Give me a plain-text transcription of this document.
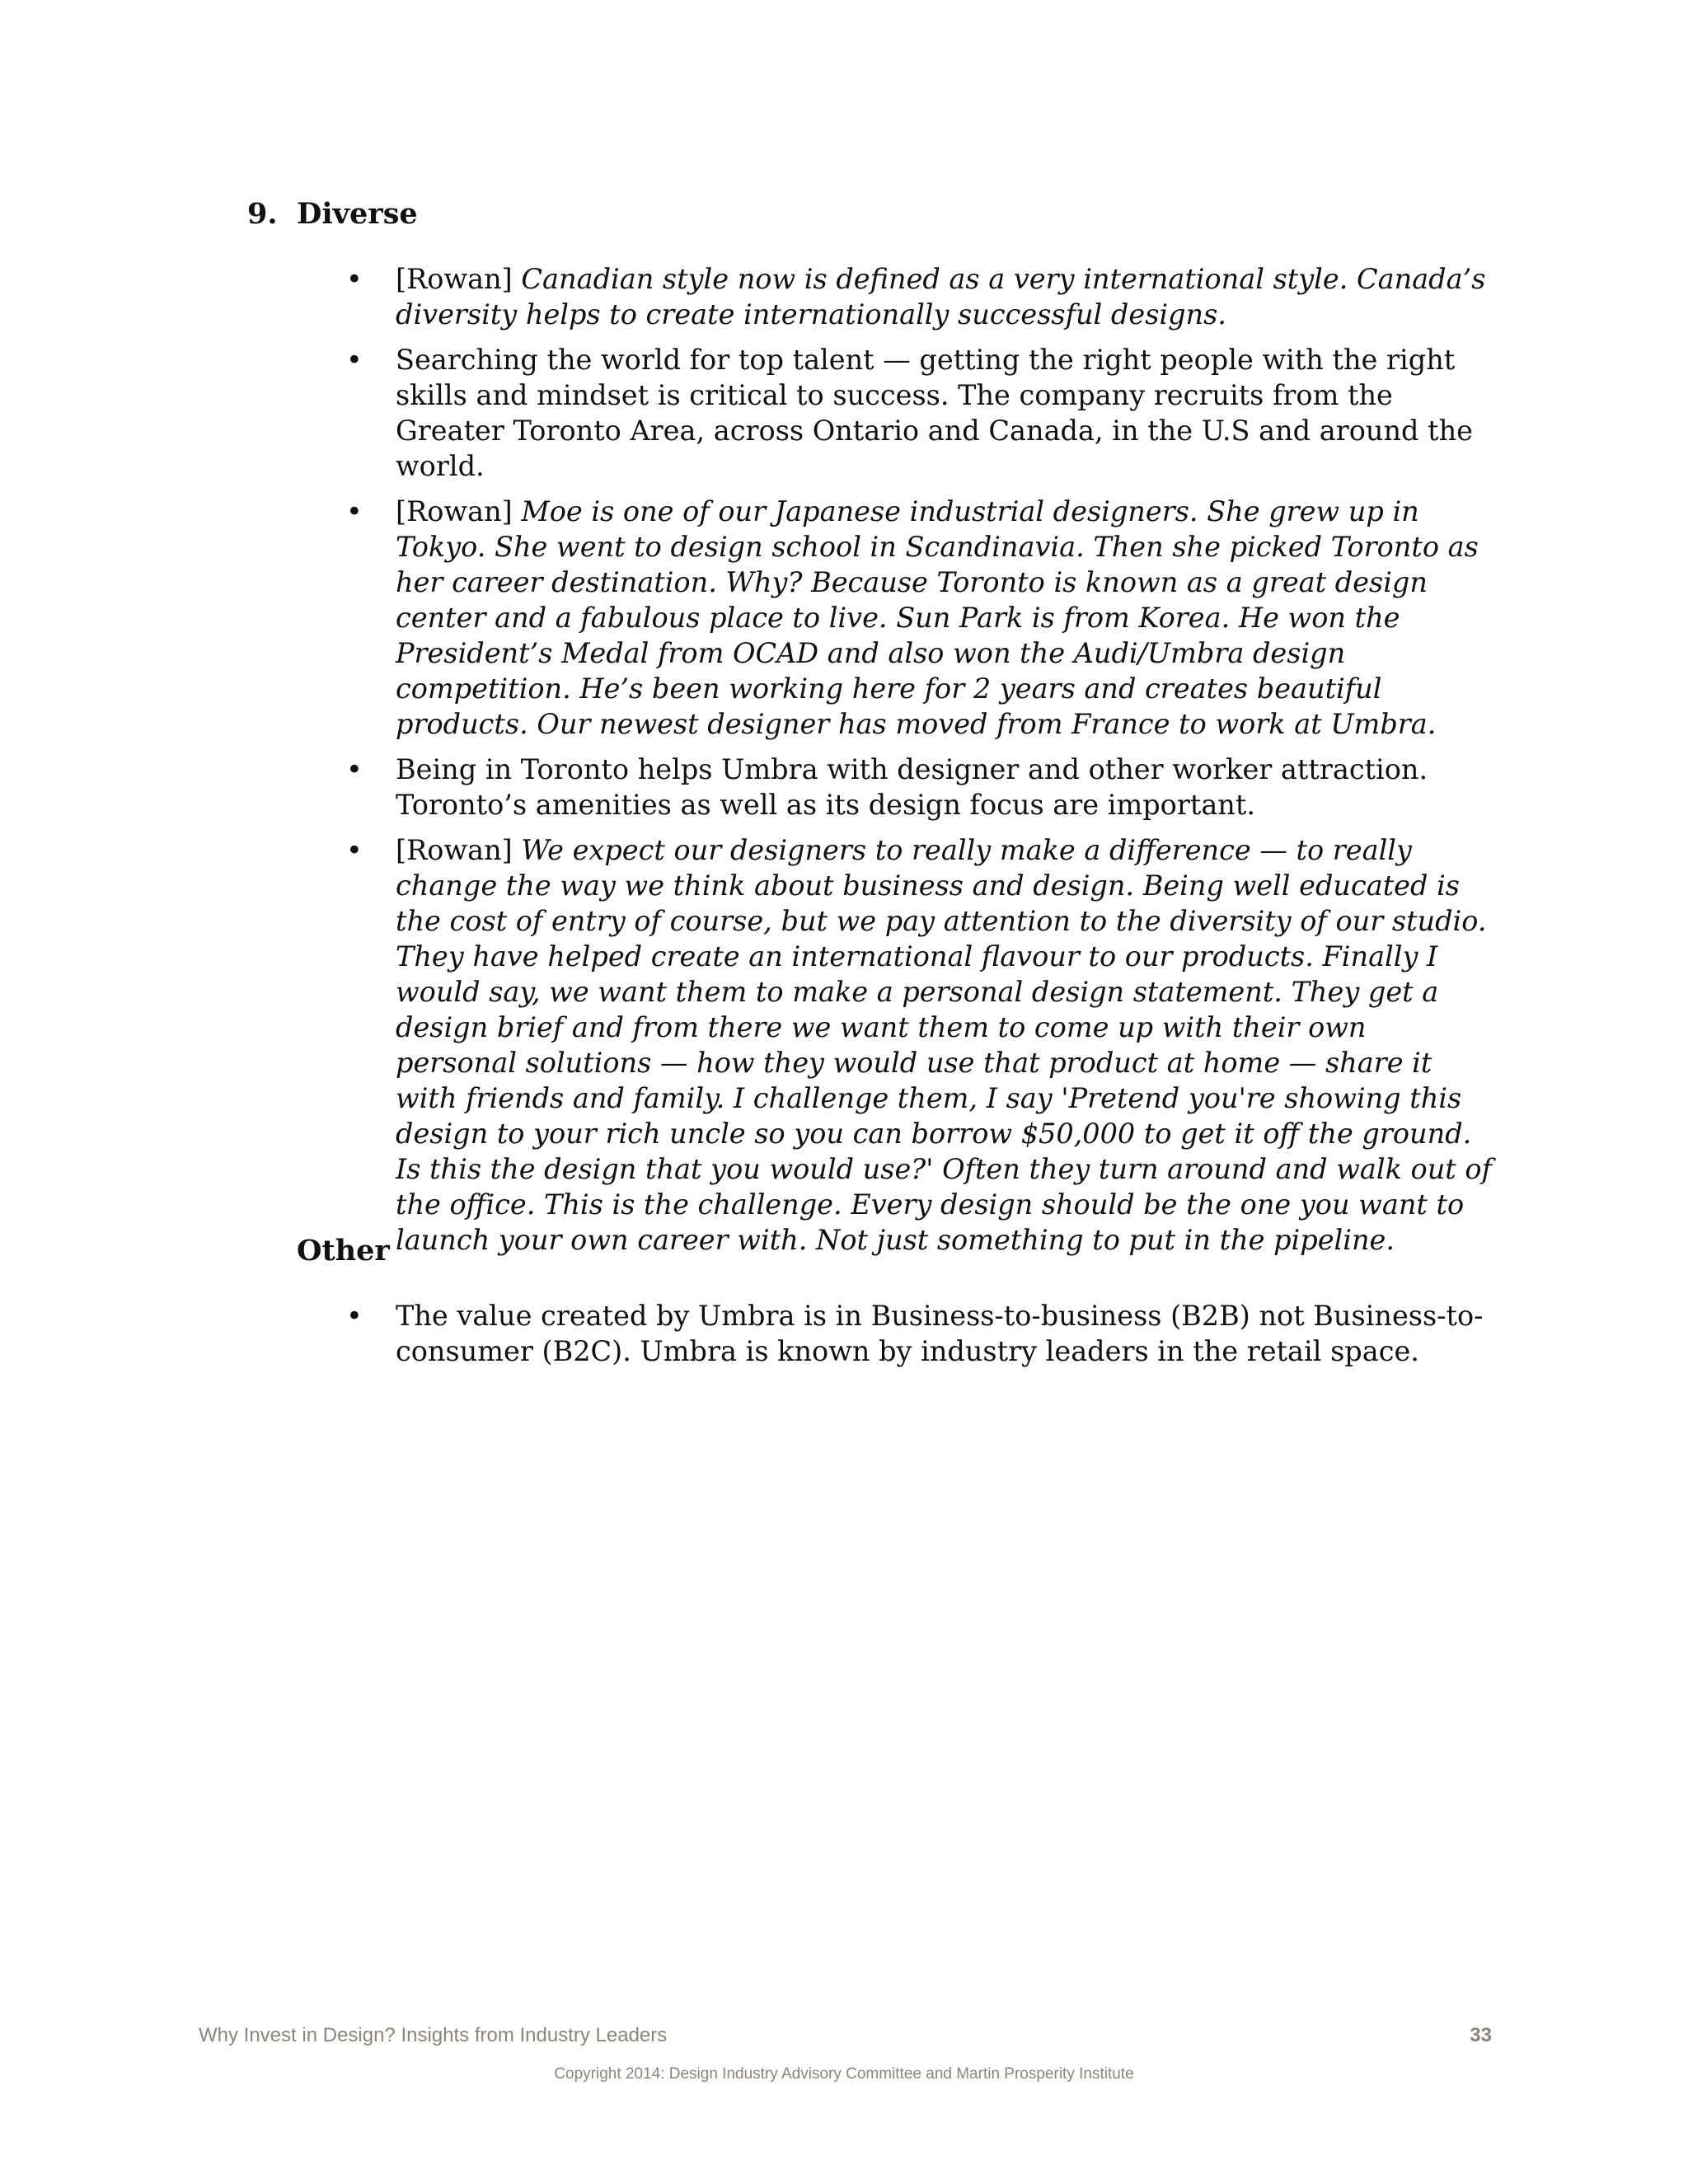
9. Diverse
•	[Rowan] Canadian style now is defined as a very international style. Canada’s diversity helps to create internationally successful designs.
•	Searching the world for top talent — getting the right people with the right skills and mindset is critical to success. The company recruits from the Greater Toronto Area, across Ontario and Canada, in the U.S and around the world.
•	[Rowan] Moe is one of our Japanese industrial designers. She grew up in Tokyo. She went to design school in Scandinavia. Then she picked Toronto as her career destination. Why? Because Toronto is known as a great design center and a fabulous place to live. Sun Park is from Korea. He won the President’s Medal from OCAD and also won the Audi/Umbra design competition. He’s been working here for 2 years and creates beautiful products. Our newest designer has moved from France to work at Umbra.
•	Being in Toronto helps Umbra with designer and other worker attraction. Toronto’s amenities as well as its design focus are important.
•	[Rowan] We expect our designers to really make a difference — to really change the way we think about business and design. Being well educated is the cost of entry of course, but we pay attention to the diversity of our studio. They have helped create an international flavour to our products. Finally I would say, we want them to make a personal design statement. They get a design brief and from there we want them to come up with their own personal solutions — how they would use that product at home — share it with friends and family. I challenge them, I say 'Pretend you're showing this design to your rich uncle so you can borrow $50,000 to get it off the ground. Is this the design that you would use?' Often they turn around and walk out of the office. This is the challenge. Every design should be the one you want to launch your own career with. Not just something to put in the pipeline.
Other
•	The value created by Umbra is in Business-to-business (B2B) not Business-to-consumer (B2C). Umbra is known by industry leaders in the retail space.
Why Invest in Design? Insights from Industry Leaders	33
Copyright 2014: Design Industry Advisory Committee and Martin Prosperity Institute
